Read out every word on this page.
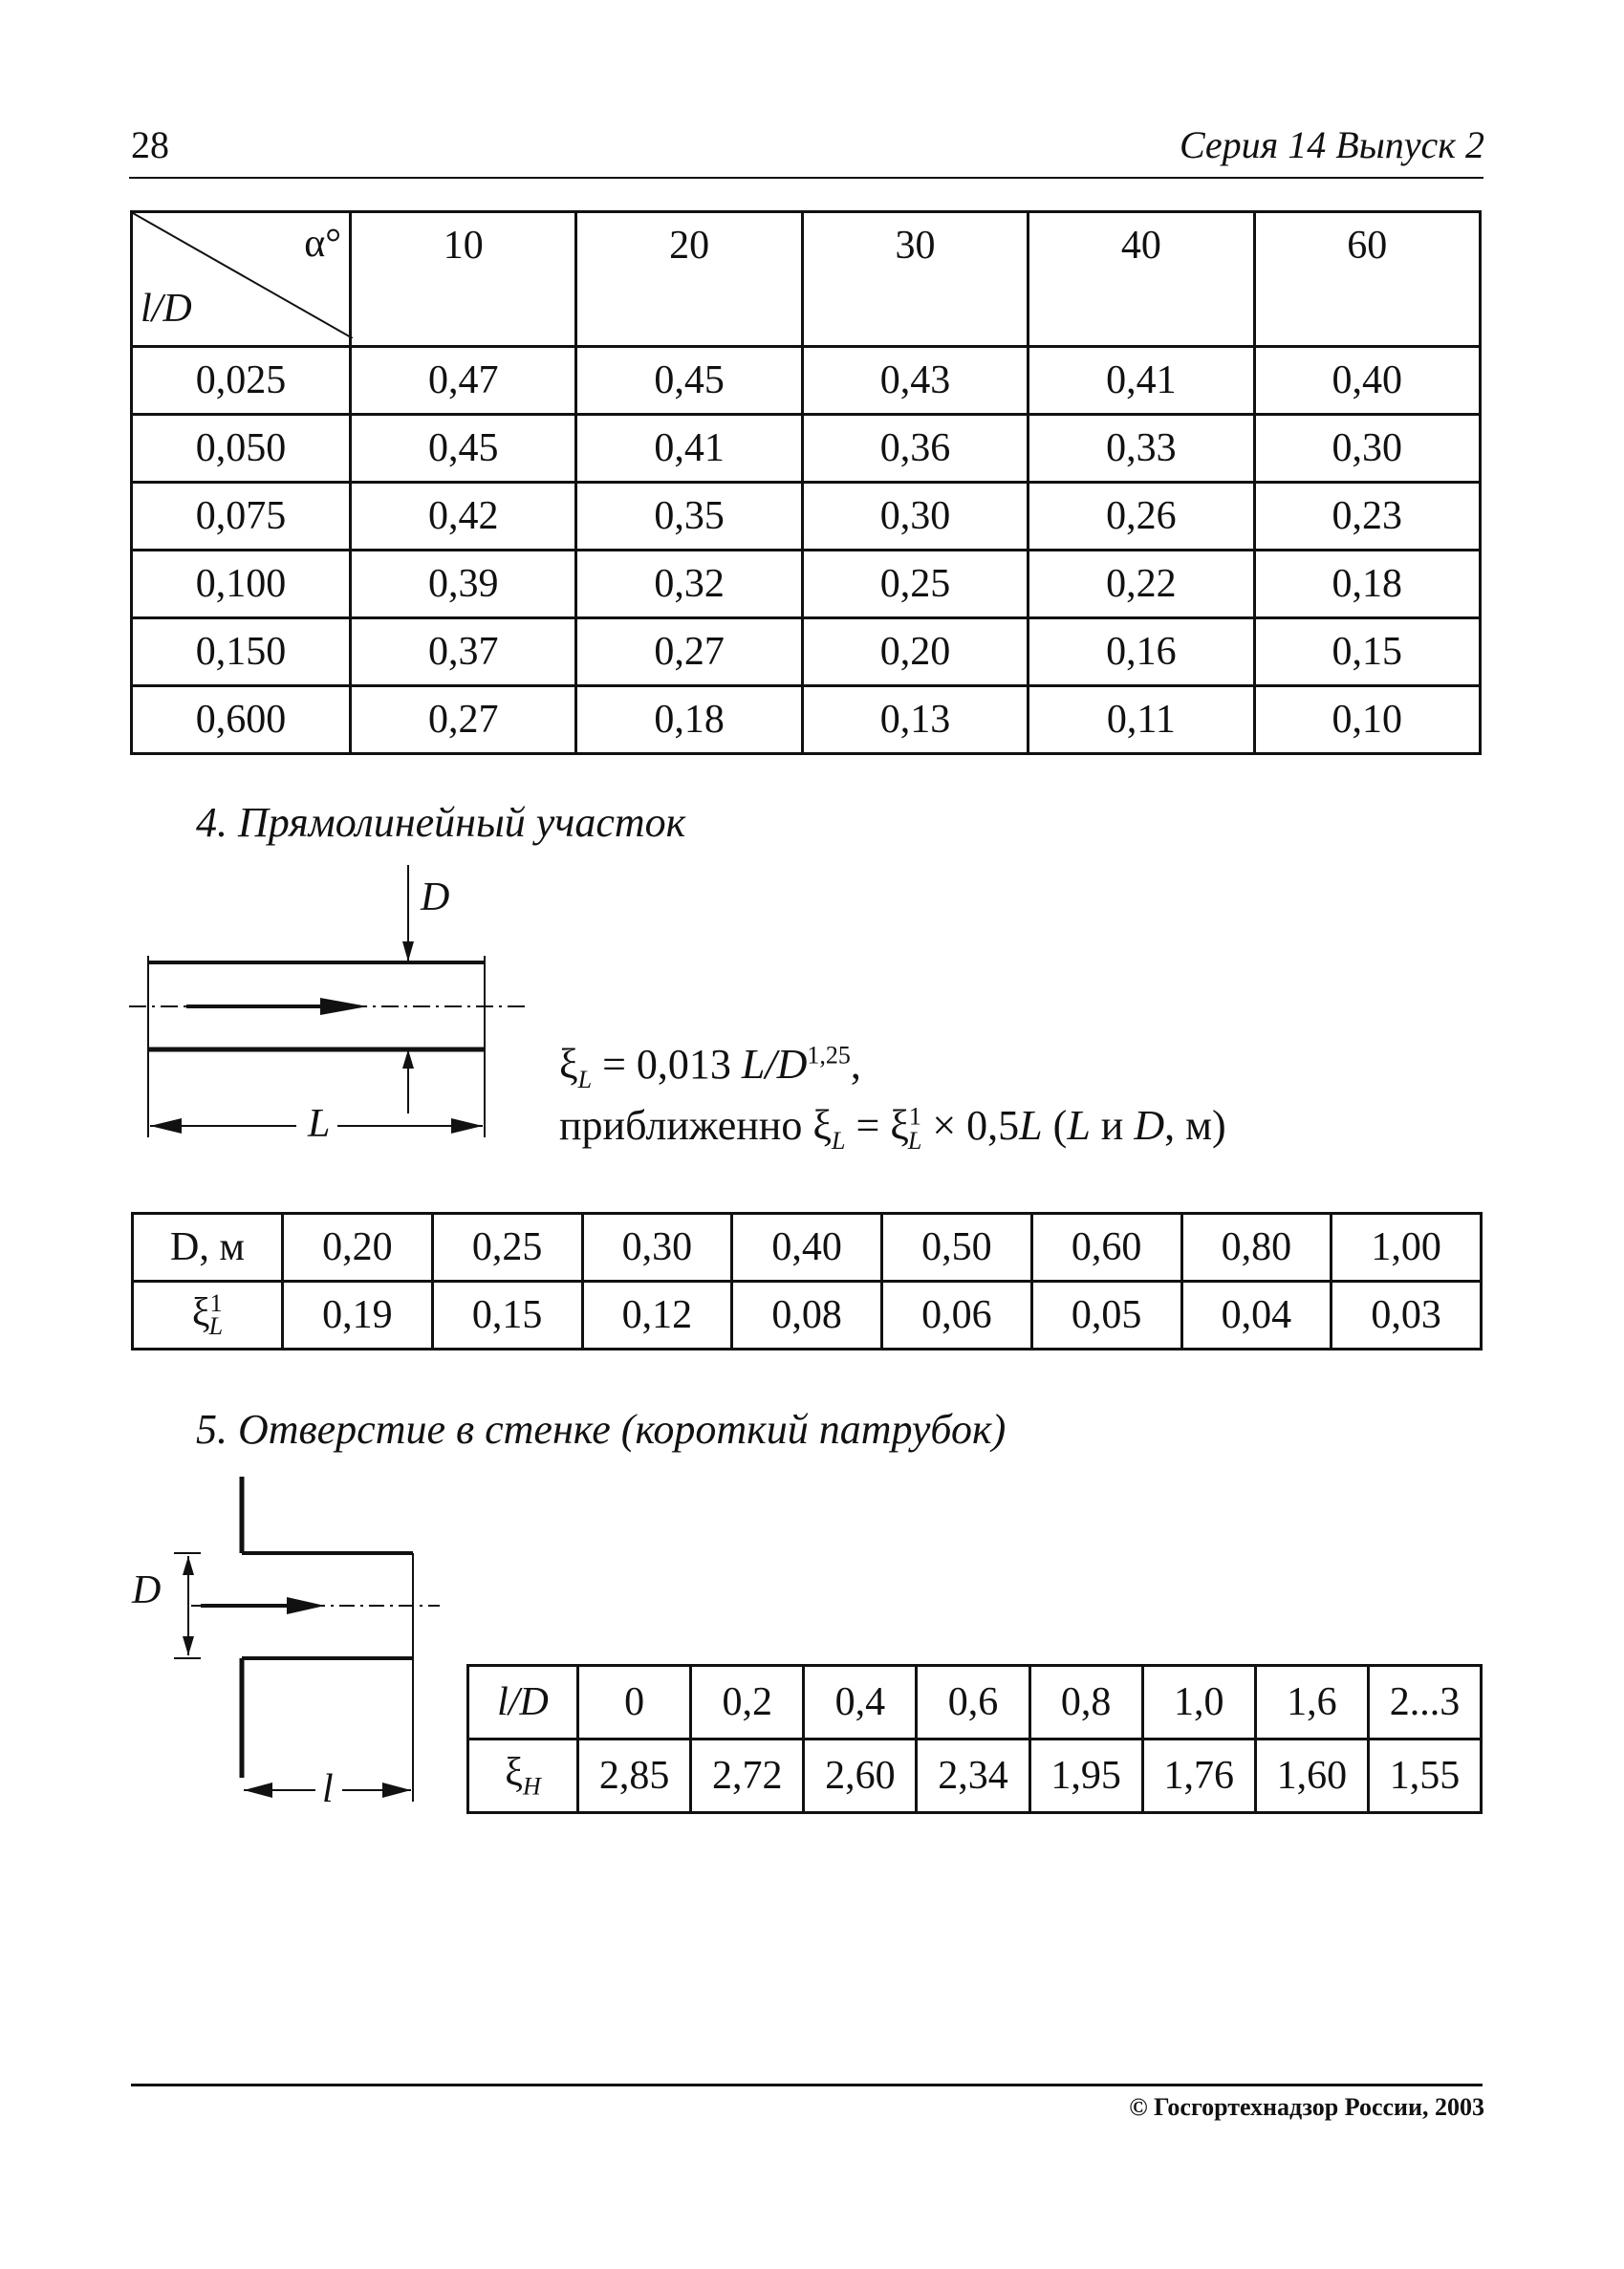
28	Серия 14 Выпуск 2
α°
l/D	10	20	30	40	60
0,025	0,47	0,45	0,43	0,41	0,40
0,050	0,45	0,41	0,36	0,33	0,30
0,075	0,42	0,35	0,30	0,26	0,23
0,100	0,39	0,32	0,25	0,22	0,18
0,150	0,37	0,27	0,20	0,16	0,15
0,600	0,27	0,18	0,13	0,11	0,10
4. Прямолинейный участок
D
L
$\xi_L = 0,013$ $L/D^{1,25}$,
приближенно $\xi_L = \xi^1_L \times 0,5L$ (L и D, м)
D, м	0,20	0,25	0,30	0,40	0,50	0,60	0,80	1,00
$\xi^1_L$	0,19	0,15	0,12	0,08	0,06	0,05	0,04	0,03
5. Отверстие в стенке (короткий патрубок)
D
l
l/D	0	0,2	0,4	0,6	0,8	1,0	1,6	2...3
$\xi_Н$	2,85	2,72	2,60	2,34	1,95	1,76	1,60	1,55
© Госгортехнадзор России, 2003
